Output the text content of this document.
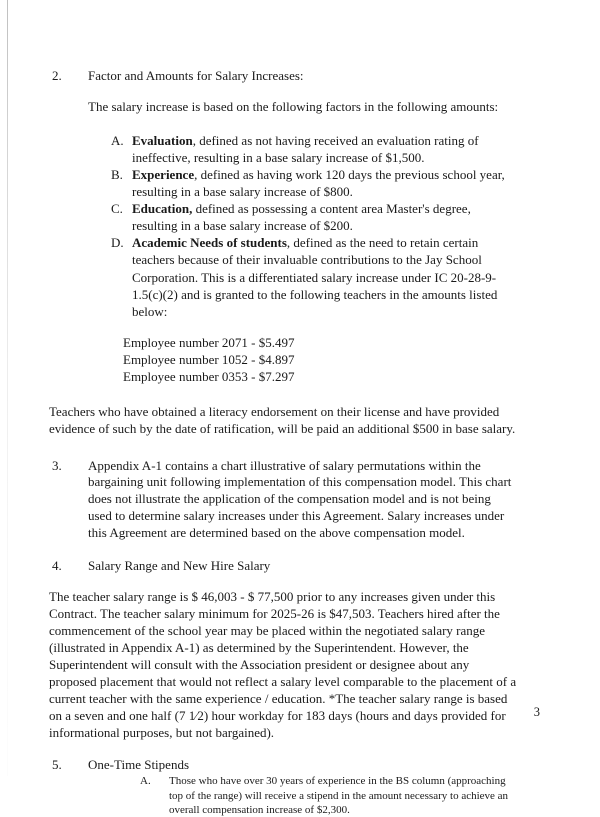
2. Factor and Amounts for Salary Increases:
The salary increase is based on the following factors in the following amounts:
A. Evaluation, defined as not having received an evaluation rating of ineffective, resulting in a base salary increase of $1,500.
B. Experience, defined as having work 120 days the previous school year, resulting in a base salary increase of $800.
C. Education, defined as possessing a content area Master's degree, resulting in a base salary increase of $200.
D. Academic Needs of students, defined as the need to retain certain teachers because of their invaluable contributions to the Jay School Corporation. This is a differentiated salary increase under IC 20-28-9-1.5(c)(2) and is granted to the following teachers in the amounts listed below:
Employee number 2071 - $5.497
Employee number 1052 - $4.897
Employee number 0353 - $7.297
Teachers who have obtained a literacy endorsement on their license and have provided evidence of such by the date of ratification, will be paid an additional $500 in base salary.
3. Appendix A-1 contains a chart illustrative of salary permutations within the bargaining unit following implementation of this compensation model. This chart does not illustrate the application of the compensation model and is not being used to determine salary increases under this Agreement. Salary increases under this Agreement are determined based on the above compensation model.
4. Salary Range and New Hire Salary
The teacher salary range is $ 46,003 - $ 77,500 prior to any increases given under this Contract. The teacher salary minimum for 2025-26 is $47,503. Teachers hired after the commencement of the school year may be placed within the negotiated salary range (illustrated in Appendix A-1) as determined by the Superintendent. However, the Superintendent will consult with the Association president or designee about any proposed placement that would not reflect a salary level comparable to the placement of a current teacher with the same experience / education. *The teacher salary range is based on a seven and one half (7 1⁄2) hour workday for 183 days (hours and days provided for informational purposes, but not bargained).
5. One-Time Stipends
A. Those who have over 30 years of experience in the BS column (approaching top of the range) will receive a stipend in the amount necessary to achieve an overall compensation increase of $2,300.
3
